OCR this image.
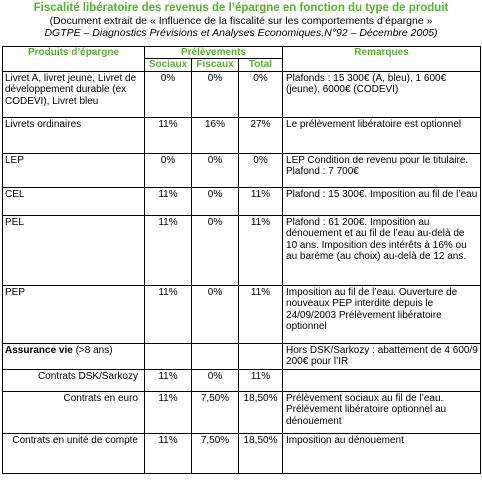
Fiscalité libératoire des revenus de l’épargne en fonction du type de produit
(Document extrait de « Influence de la fiscalité sur les comportements d’épargne »
DGTPE – Diagnostics Prévisions et Analyses Economiques,N°92 – Décembre 2005)
Produits d’épargne	Prélèvements			Remarques
	Sociaux	Fiscaux	Total	
Livret A, livret jeune, Livret de développement durable (ex CODEVI), Livret bleu	0%	0%	0%	Plafonds : 15 300€ (A, bleu), 1 600€ (jeune), 6000€ (CODEVI)
Livrets ordinaires	11%	16%	27%	Le prélèvement libératoire est optionnel
LEP	0%	0%	0%	LEP Condition de revenu pour le titulaire. Plafond : 7 700€
CEL	11%	0%	11%	Plafond : 15 300€. Imposition au fil de l’eau
PEL	11%	0%	11%	Plafond : 61 200€. Imposition au dénouement et au fil de l’eau au-delà de 10 ans. Imposition des intérêts à 16% ou au barème (au choix) au-delà de 12 ans.
PEP	11%	0%	11%	Imposition au fil de l’eau. Ouverture de nouveaux PEP interdite depuis le 24/09/2003 Prélèvement libératoire optionnel
Assurance vie (>8 ans)				Hors DSK/Sarkozy : abattement de 4 600/9 200€ pour l’IR
Contrats DSK/Sarkozy	11%	0%	11%	
Contrats en euro	11%	7,50%	18,50%	Prélèvement sociaux au fil de l’eau. Prélèvement libératoire optionnel au dénouement
Contrats en unité de compte	11%	7,50%	18,50%	Imposition au dénouement
